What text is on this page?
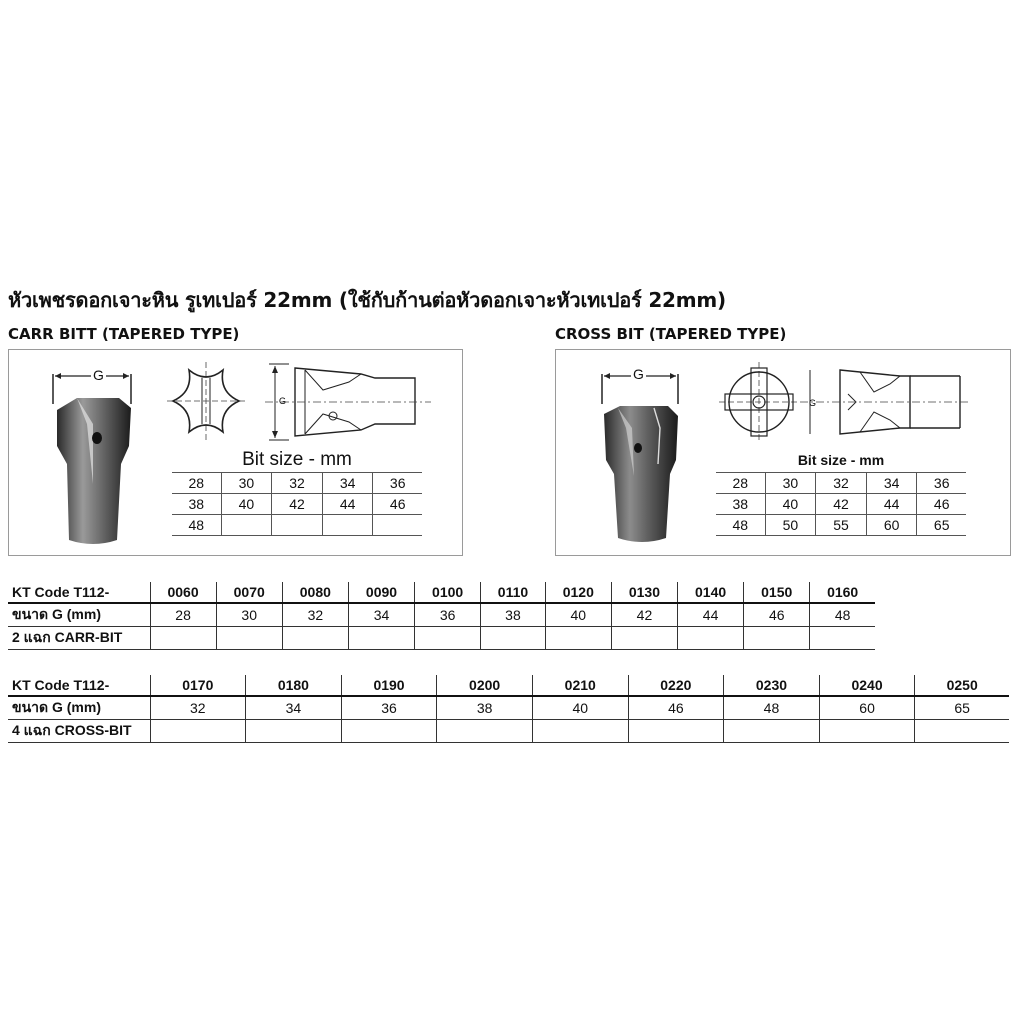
หัวเพชรดอกเจาะหิน รูเทเปอร์ 22mm (ใช้กับก้านต่อหัวดอกเจาะหัวเทเปอร์ 22mm)
CARR BITT (TAPERED TYPE)	CROSS BIT (TAPERED TYPE)
G
G
Bit size - mm
28	30	32	34	36
38	40	42	44	46
48				
G
G
Bit size - mm
28	30	32	34	36
38	40	42	44	46
48	50	55	60	65
KT Code T112-	0060	0070	0080	0090	0100	0110	0120	0130	0140	0150	0160
ขนาด G (mm)	28	30	32	34	36	38	40	42	44	46	48
2 แฉก CARR-BIT											
KT Code T112-	0170	0180	0190	0200	0210	0220	0230	0240	0250
ขนาด G (mm)	32	34	36	38	40	46	48	60	65
4 แฉก CROSS-BIT									
